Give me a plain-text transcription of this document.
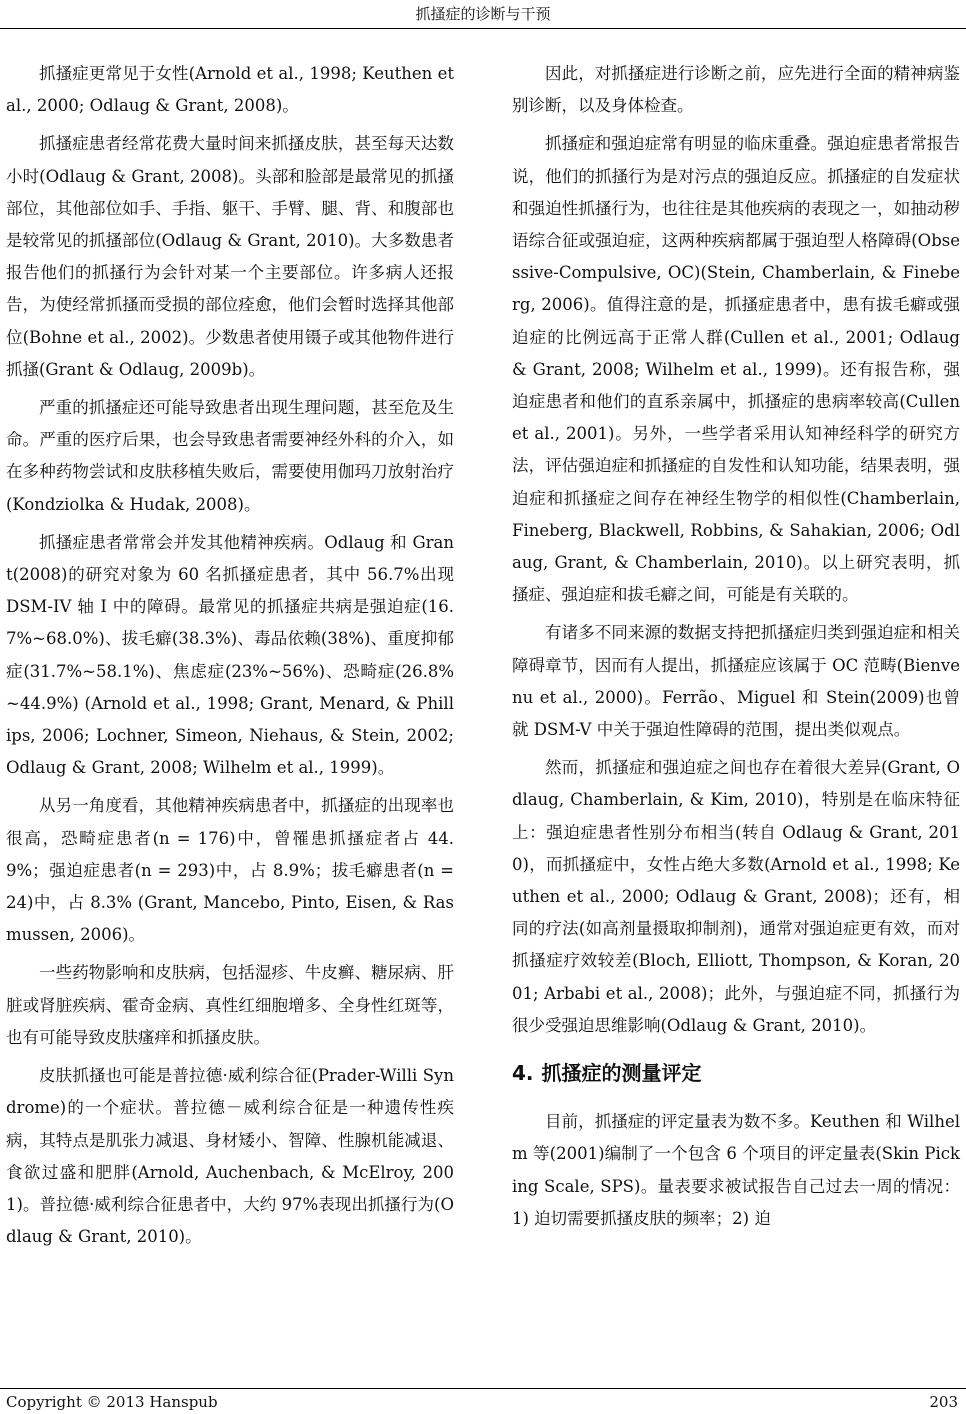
抓搔症的诊断与干预

抓搔症更常见于女性(Arnold et al., 1998; Keuthen et al., 2000; Odlaug & Grant, 2008)。

抓搔症患者经常花费大量时间来抓搔皮肤，甚至每天达数小时(Odlaug & Grant, 2008)。头部和脸部是最常见的抓搔部位，其他部位如手、手指、躯干、手臂、腿、背、和腹部也是较常见的抓搔部位(Odlaug & Grant, 2010)。大多数患者报告他们的抓搔行为会针对某一个主要部位。许多病人还报告，为使经常抓搔而受损的部位痊愈，他们会暂时选择其他部位(Bohne et al., 2002)。少数患者使用镊子或其他物件进行抓搔(Grant & Odlaug, 2009b)。

严重的抓搔症还可能导致患者出现生理问题，甚至危及生命。严重的医疗后果，也会导致患者需要神经外科的介入，如在多种药物尝试和皮肤移植失败后，需要使用伽玛刀放射治疗(Kondziolka & Hudak, 2008)。

抓搔症患者常常会并发其他精神疾病。Odlaug 和 Grant(2008)的研究对象为 60 名抓搔症患者，其中 56.7%出现 DSM-IV 轴 I 中的障碍。最常见的抓搔症共病是强迫症(16.7%~68.0%)、拔毛癖(38.3%)、毒品依赖(38%)、重度抑郁症(31.7%~58.1%)、焦虑症(23%~56%)、恐畸症(26.8%~44.9%) (Arnold et al., 1998; Grant, Menard, & Phillips, 2006; Lochner, Simeon, Niehaus, & Stein, 2002; Odlaug & Grant, 2008; Wilhelm et al., 1999)。

从另一角度看，其他精神疾病患者中，抓搔症的出现率也很高，恐畸症患者(n = 176)中，曾罹患抓搔症者占 44.9%；强迫症患者(n = 293)中，占 8.9%；拔毛癖患者(n = 24)中，占 8.3% (Grant, Mancebo, Pinto, Eisen, & Rasmussen, 2006)。

一些药物影响和皮肤病，包括湿疹、牛皮癣、糖尿病、肝脏或肾脏疾病、霍奇金病、真性红细胞增多、全身性红斑等，也有可能导致皮肤瘙痒和抓搔皮肤。

皮肤抓搔也可能是普拉德·威利综合征(Prader-Willi Syndrome)的一个症状。普拉德－威利综合征是一种遗传性疾病，其特点是肌张力减退、身材矮小、智障、性腺机能减退、食欲过盛和肥胖(Arnold, Auchenbach, & McElroy, 2001)。普拉德·威利综合征患者中，大约 97%表现出抓搔行为(Odlaug & Grant, 2010)。

因此，对抓搔症进行诊断之前，应先进行全面的精神病鉴别诊断，以及身体检查。

抓搔症和强迫症常有明显的临床重叠。强迫症患者常报告说，他们的抓搔行为是对污点的强迫反应。抓搔症的自发症状和强迫性抓搔行为，也往往是其他疾病的表现之一，如抽动秽语综合征或强迫症，这两种疾病都属于强迫型人格障碍(Obsessive-Compulsive, OC)(Stein, Chamberlain, & Fineberg, 2006)。值得注意的是，抓搔症患者中，患有拔毛癖或强迫症的比例远高于正常人群(Cullen et al., 2001; Odlaug & Grant, 2008; Wilhelm et al., 1999)。还有报告称，强迫症患者和他们的直系亲属中，抓搔症的患病率较高(Cullen et al., 2001)。另外，一些学者采用认知神经科学的研究方法，评估强迫症和抓搔症的自发性和认知功能，结果表明，强迫症和抓搔症之间存在神经生物学的相似性(Chamberlain, Fineberg, Blackwell, Robbins, & Sahakian, 2006; Odlaug, Grant, & Chamberlain, 2010)。以上研究表明，抓搔症、强迫症和拔毛癖之间，可能是有关联的。

有诸多不同来源的数据支持把抓搔症归类到强迫症和相关障碍章节，因而有人提出，抓搔症应该属于 OC 范畴(Bienvenu et al., 2000)。Ferrão、Miguel 和 Stein(2009)也曾就 DSM-V 中关于强迫性障碍的范围，提出类似观点。

然而，抓搔症和强迫症之间也存在着很大差异(Grant, Odlaug, Chamberlain, & Kim, 2010)，特别是在临床特征上：强迫症患者性别分布相当(转自 Odlaug & Grant, 2010)，而抓搔症中，女性占绝大多数(Arnold et al., 1998; Keuthen et al., 2000; Odlaug & Grant, 2008)；还有，相同的疗法(如高剂量摄取抑制剂)，通常对强迫症更有效，而对抓搔症疗效较差(Bloch, Elliott, Thompson, & Koran, 2001; Arbabi et al., 2008)；此外，与强迫症不同，抓搔行为很少受强迫思维影响(Odlaug & Grant, 2010)。

4. 抓搔症的测量评定

目前，抓搔症的评定量表为数不多。Keuthen 和 Wilhelm 等(2001)编制了一个包含 6 个项目的评定量表(Skin Picking Scale, SPS)。量表要求被试报告自己过去一周的情况：1) 迫切需要抓搔皮肤的频率；2) 迫

Copyright © 2013 Hanspub	203
